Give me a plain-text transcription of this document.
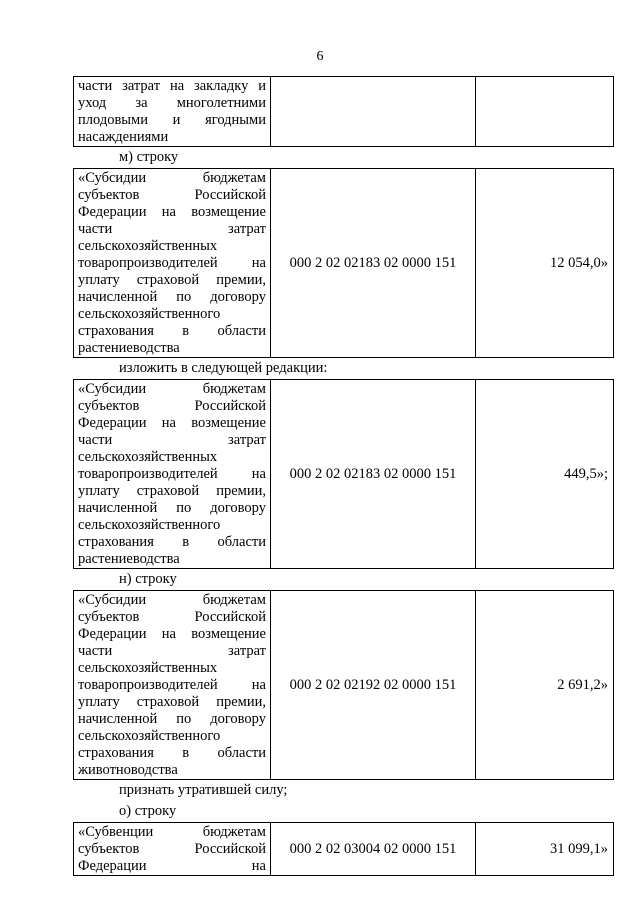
6
части затрат на закладку и
уход за многолетними
плодовыми и ягодными
насаждениями

м) строку
«Субсидии бюджетам
субъектов Российской
Федерации на возмещение
части затрат
сельскохозяйственных
товаропроизводителей на
уплату страховой премии,
начисленной по договору
сельскохозяйственного
страхования в области
растениеводства
	000 2 02 02183 02 0000 151	12 054,0»
изложить в следующей редакции:
«Субсидии бюджетам
субъектов Российской
Федерации на возмещение
части затрат
сельскохозяйственных
товаропроизводителей на
уплату страховой премии,
начисленной по договору
сельскохозяйственного
страхования в области
растениеводства
	000 2 02 02183 02 0000 151	449,5»;
н) строку
«Субсидии бюджетам
субъектов Российской
Федерации на возмещение
части затрат
сельскохозяйственных
товаропроизводителей на
уплату страховой премии,
начисленной по договору
сельскохозяйственного
страхования в области
животноводства
	000 2 02 02192 02 0000 151	2 691,2»
признать утратившей силу;
о) строку
«Субвенции бюджетам
субъектов Российской
Федерации на
	000 2 02 03004 02 0000 151	31 099,1»
